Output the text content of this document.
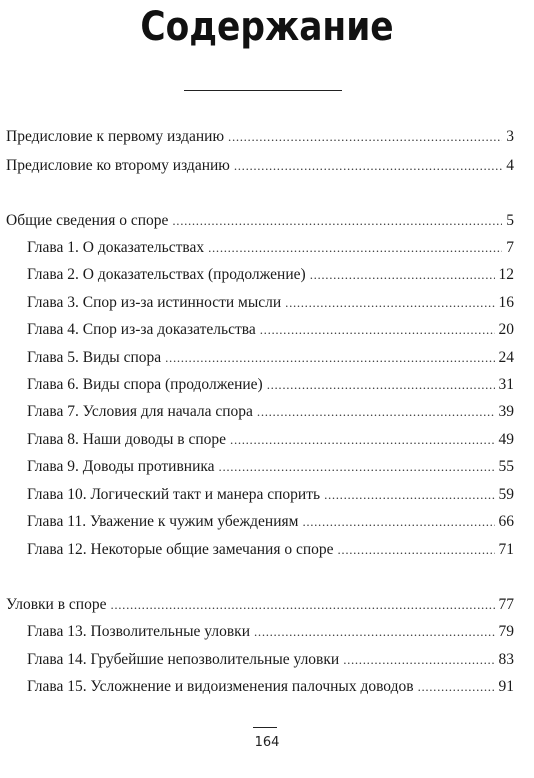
Содержание
Предисловие к первому изданию . . .	3
Предисловие ко второму изданию . . .	4
Общие сведения о споре . . .	5
Глава 1. О доказательствах . . .	7
Глава 2. О доказательствах (продолжение) . . .	12
Глава 3. Спор из-за истинности мысли . . .	16
Глава 4. Спор из-за доказательства . . .	20
Глава 5. Виды спора . . .	24
Глава 6. Виды спора (продолжение) . . .	31
Глава 7. Условия для начала спора . . .	39
Глава 8. Наши доводы в споре . . .	49
Глава 9. Доводы противника . . .	55
Глава 10. Логический такт и манера спорить . . .	59
Глава 11. Уважение к чужим убеждениям . . .	66
Глава 12. Некоторые общие замечания о споре . . .	71
Уловки в споре . . .	77
Глава 13. Позволительные уловки . . .	79
Глава 14. Грубейшие непозволительные уловки . . .	83
Глава 15. Усложнение и видоизменения палочных доводов . . .	91
164
